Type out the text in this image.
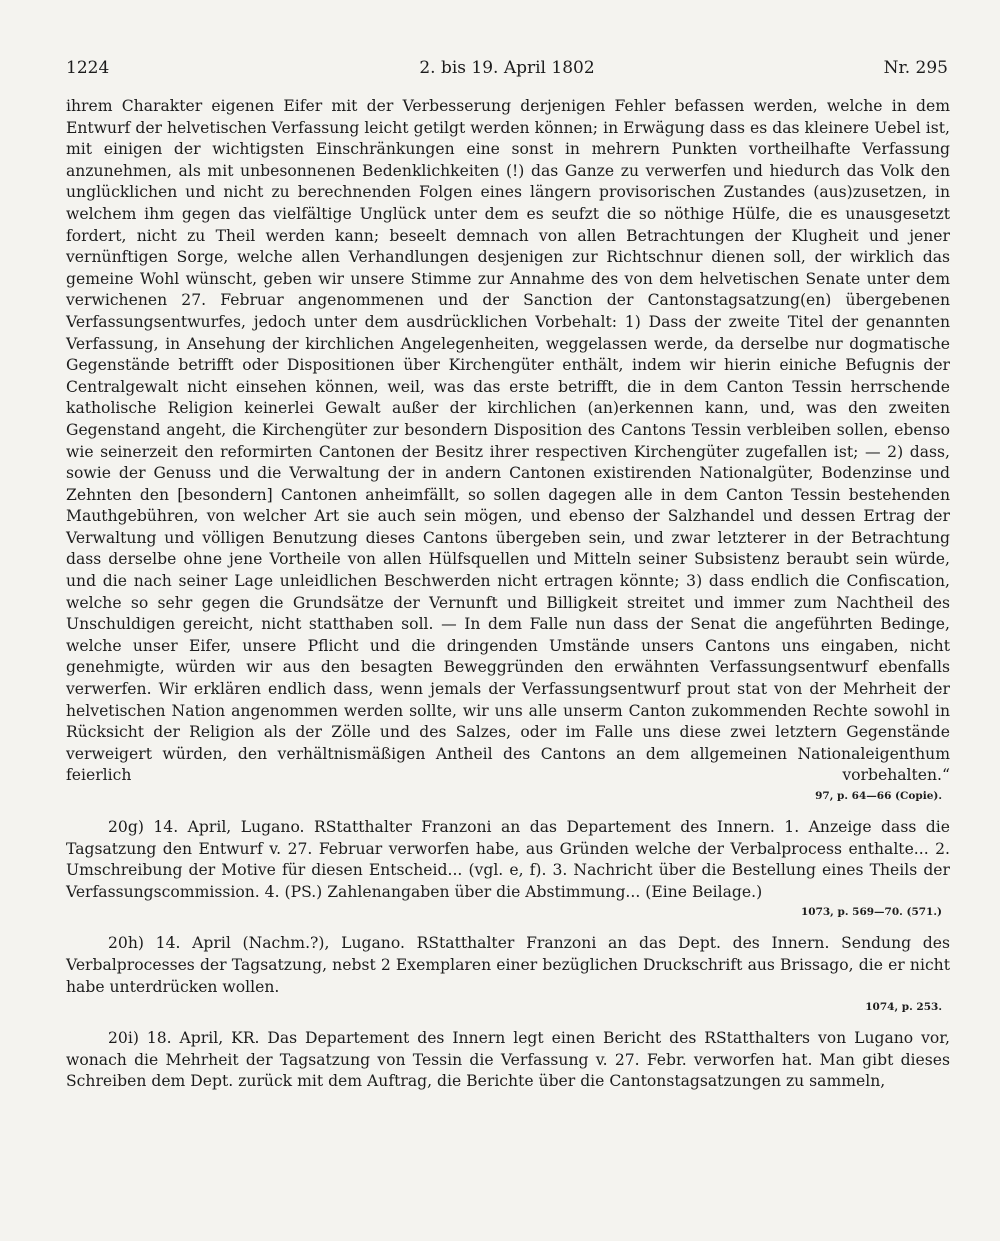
1224	2. bis 19. April 1802	Nr. 295

ihrem Charakter eigenen Eifer mit der Verbesserung derjenigen Fehler befassen werden, welche in dem Entwurf der helvetischen Verfassung leicht getilgt werden können; in Erwägung dass es das kleinere Uebel ist, mit einigen der wichtigsten Einschränkungen eine sonst in mehrern Punkten vortheilhafte Verfassung anzunehmen, als mit unbesonnenen Bedenklichkeiten (!) das Ganze zu verwerfen und hiedurch das Volk den unglücklichen und nicht zu berechnenden Folgen eines längern provisorischen Zustandes (aus)zusetzen, in welchem ihm gegen das vielfältige Unglück unter dem es seufzt die so nöthige Hülfe, die es unausgesetzt fordert, nicht zu Theil werden kann; beseelt demnach von allen Betrachtungen der Klugheit und jener vernünftigen Sorge, welche allen Verhandlungen desjenigen zur Richtschnur dienen soll, der wirklich das gemeine Wohl wünscht, geben wir unsere Stimme zur Annahme des von dem helvetischen Senate unter dem verwichenen 27. Februar angenommenen und der Sanction der Cantonstagsatzung(en) übergebenen Verfassungsentwurfes, jedoch unter dem ausdrücklichen Vorbehalt: 1) Dass der zweite Titel der genannten Verfassung, in Ansehung der kirchlichen Angelegenheiten, weggelassen werde, da derselbe nur dogmatische Gegenstände betrifft oder Dispositionen über Kirchengüter enthält, indem wir hierin einiche Befugnis der Centralgewalt nicht einsehen können, weil, was das erste betrifft, die in dem Canton Tessin herrschende katholische Religion keinerlei Gewalt außer der kirchlichen (an)erkennen kann, und, was den zweiten Gegenstand angeht, die Kirchengüter zur besondern Disposition des Cantons Tessin verbleiben sollen, ebenso wie seinerzeit den reformirten Cantonen der Besitz ihrer respectiven Kirchengüter zugefallen ist; — 2) dass, sowie der Genuss und die Verwaltung der in andern Cantonen existirenden Nationalgüter, Bodenzinse und Zehnten den [besondern] Cantonen anheimfällt, so sollen dagegen alle in dem Canton Tessin bestehenden Mauthgebühren, von welcher Art sie auch sein mögen, und ebenso der Salzhandel und dessen Ertrag der Verwaltung und völligen Benutzung dieses Cantons übergeben sein, und zwar letzterer in der Betrachtung dass derselbe ohne jene Vortheile von allen Hülfsquellen und Mitteln seiner Subsistenz beraubt sein würde, und die nach seiner Lage unleidlichen Beschwerden nicht ertragen könnte; 3) dass endlich die Confiscation, welche so sehr gegen die Grundsätze der Vernunft und Billigkeit streitet und immer zum Nachtheil des Unschuldigen gereicht, nicht statthaben soll. — In dem Falle nun dass der Senat die angeführten Bedinge, welche unser Eifer, unsere Pflicht und die dringenden Umstände unsers Cantons uns eingaben, nicht genehmigte, würden wir aus den besagten Beweggründen den erwähnten Verfassungsentwurf ebenfalls verwerfen. Wir erklären endlich dass, wenn jemals der Verfassungsentwurf prout stat von der Mehrheit der helvetischen Nation angenommen werden sollte, wir uns alle unserm Canton zukommenden Rechte sowohl in Rücksicht der Religion als der Zölle und des Salzes, oder im Falle uns diese zwei letztern Gegenstände verweigert würden, den verhältnismäßigen Antheil des Cantons an dem allgemeinen Nationaleigenthum feierlich vorbehalten.“

97, p. 64—66 (Copie).

20g) 14. April, Lugano. RStatthalter Franzoni an das Departement des Innern. 1. Anzeige dass die Tagsatzung den Entwurf v. 27. Februar verworfen habe, aus Gründen welche der Verbalprocess enthalte... 2. Umschreibung der Motive für diesen Entscheid... (vgl. e, f). 3. Nachricht über die Bestellung eines Theils der Verfassungscommission. 4. (PS.) Zahlenangaben über die Abstimmung... (Eine Beilage.)

1073, p. 569—70. (571.)

20h) 14. April (Nachm.?), Lugano. RStatthalter Franzoni an das Dept. des Innern. Sendung des Verbalprocesses der Tagsatzung, nebst 2 Exemplaren einer bezüglichen Druckschrift aus Brissago, die er nicht habe unterdrücken wollen.

1074, p. 253.

20i) 18. April, KR. Das Departement des Innern legt einen Bericht des RStatthalters von Lugano vor, wonach die Mehrheit der Tagsatzung von Tessin die Verfassung v. 27. Febr. verworfen hat. Man gibt dieses Schreiben dem Dept. zurück mit dem Auftrag, die Berichte über die Cantonstagsatzungen zu sammeln,
